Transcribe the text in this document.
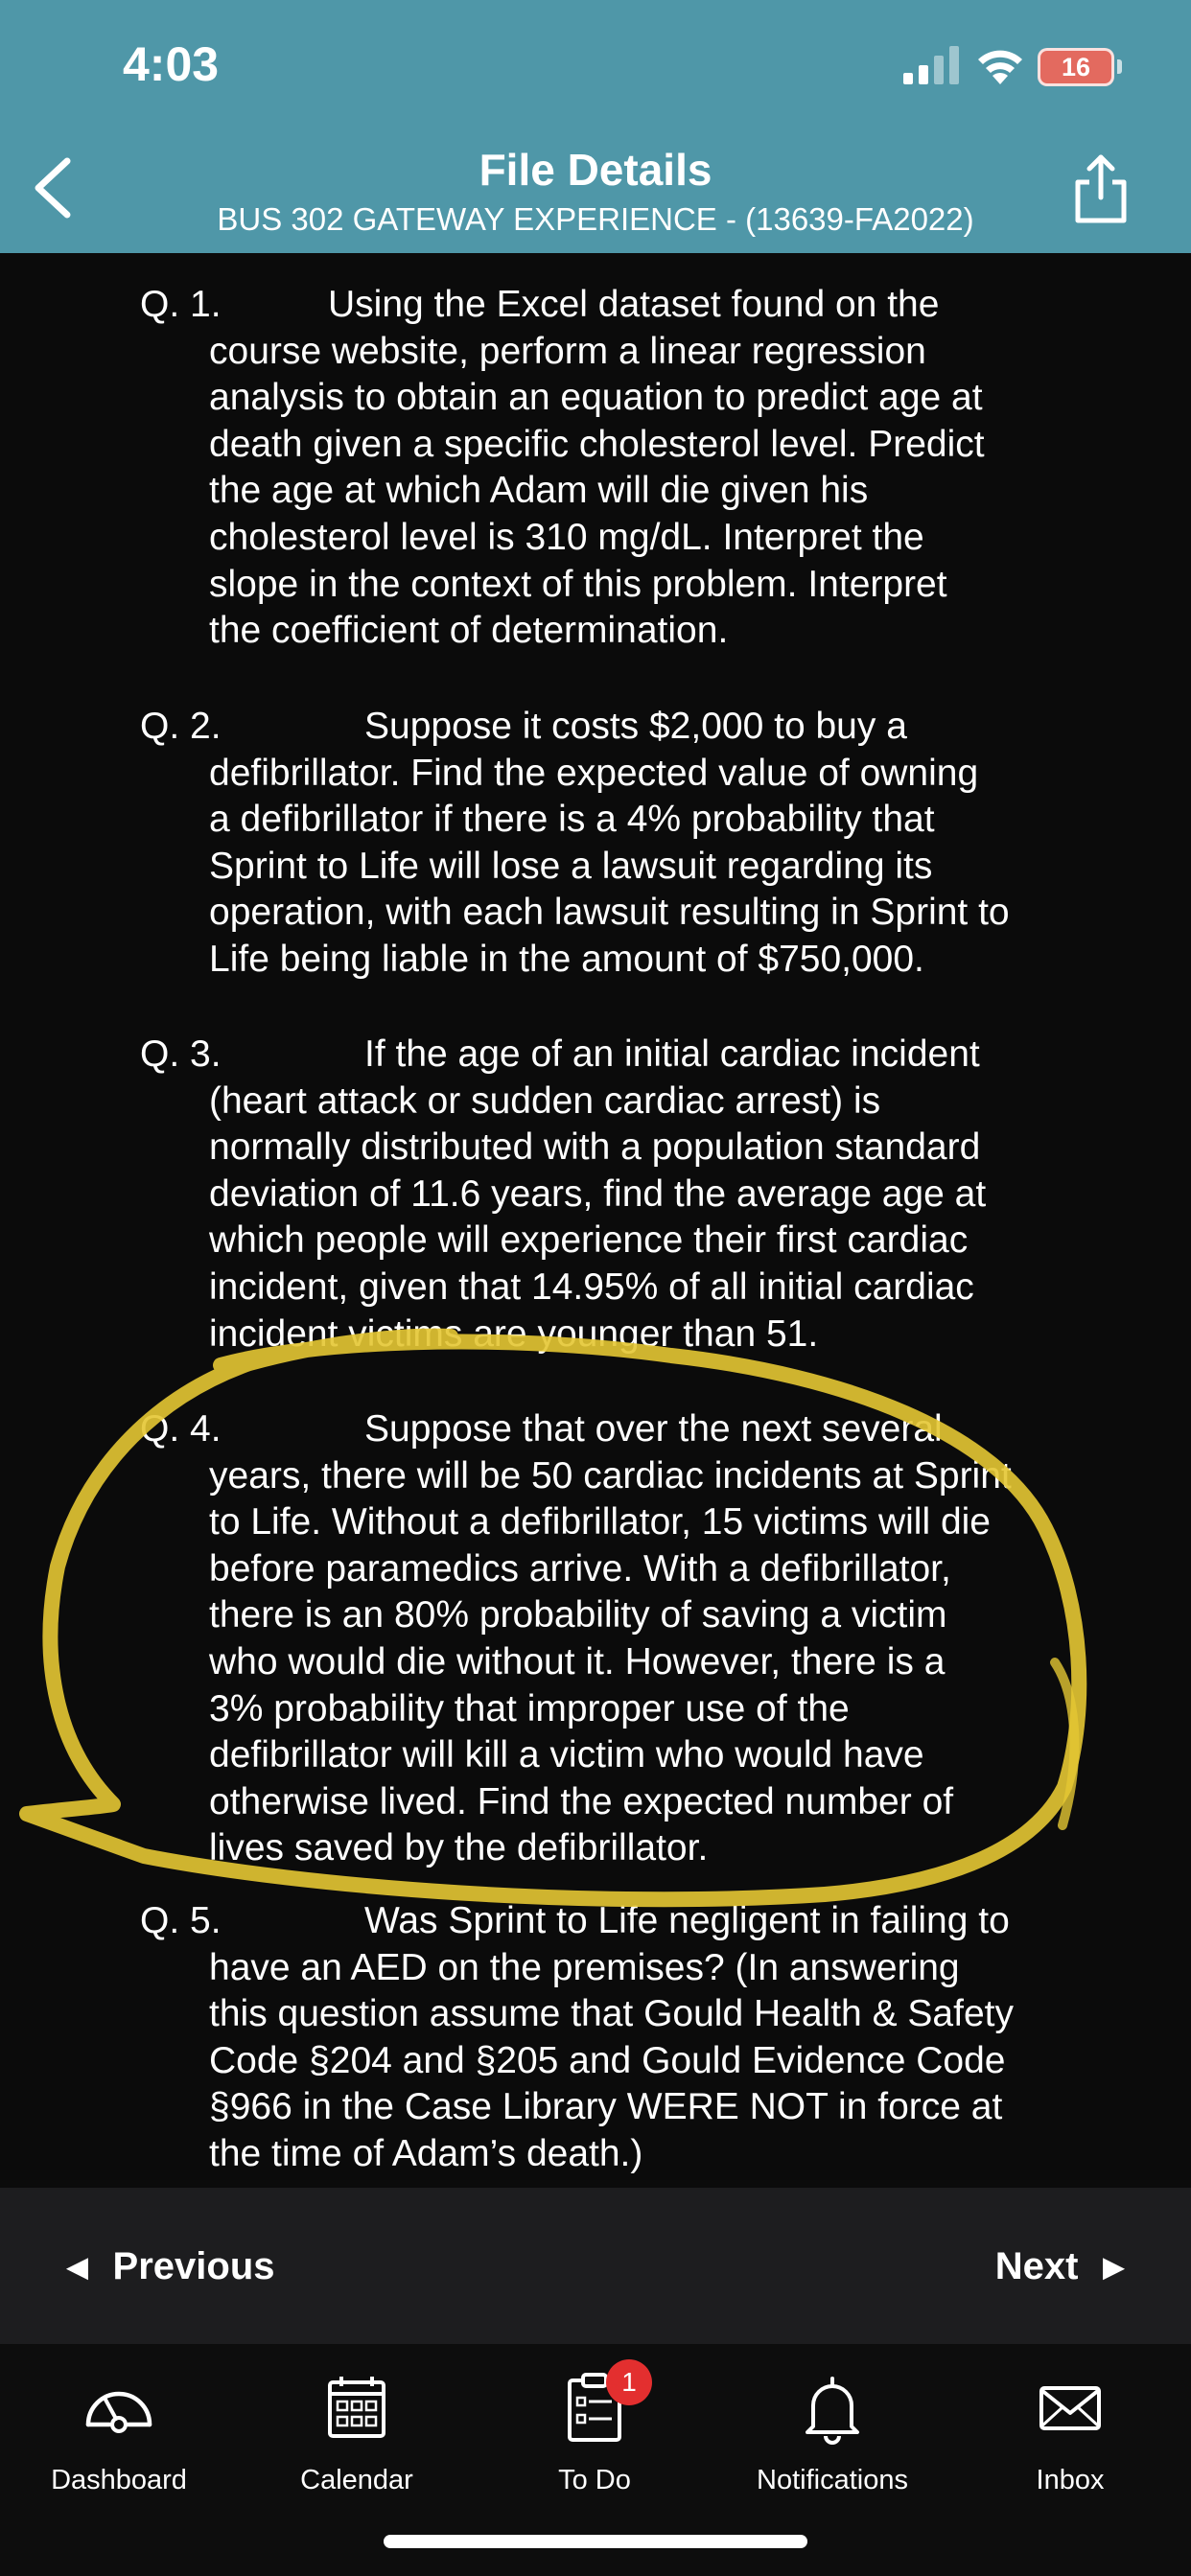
4:03	16
File Details
BUS 302 GATEWAY EXPERIENCE - (13639-FA2022)
Q. 1.	Using the Excel dataset found on the
course website, perform a linear regression
analysis to obtain an equation to predict age at
death given a specific cholesterol level. Predict
the age at which Adam will die given his
cholesterol level is 310 mg/dL. Interpret the
slope in the context of this problem. Interpret
the coefficient of determination.
Q. 2.	Suppose it costs $2,000 to buy a
defibrillator. Find the expected value of owning
a defibrillator if there is a 4% probability that
Sprint to Life will lose a lawsuit regarding its
operation, with each lawsuit resulting in Sprint to
Life being liable in the amount of $750,000.
Q. 3.	If the age of an initial cardiac incident
(heart attack or sudden cardiac arrest) is
normally distributed with a population standard
deviation of 11.6 years, find the average age at
which people will experience their first cardiac
incident, given that 14.95% of all initial cardiac
incident victims are younger than 51.
Q. 4.	Suppose that over the next several
years, there will be 50 cardiac incidents at Sprint
to Life. Without a defibrillator, 15 victims will die
before paramedics arrive. With a defibrillator,
there is an 80% probability of saving a victim
who would die without it. However, there is a
3% probability that improper use of the
defibrillator will kill a victim who would have
otherwise lived. Find the expected number of
lives saved by the defibrillator.
Q. 5.	Was Sprint to Life negligent in failing to
have an AED on the premises? (In answering
this question assume that Gould Health & Safety
Code §204 and §205 and Gould Evidence Code
§966 in the Case Library WERE NOT in force at
the time of Adam’s death.)
◀ Previous	Next ▶
Dashboard	Calendar
1
To Do	Notifications	Inbox
